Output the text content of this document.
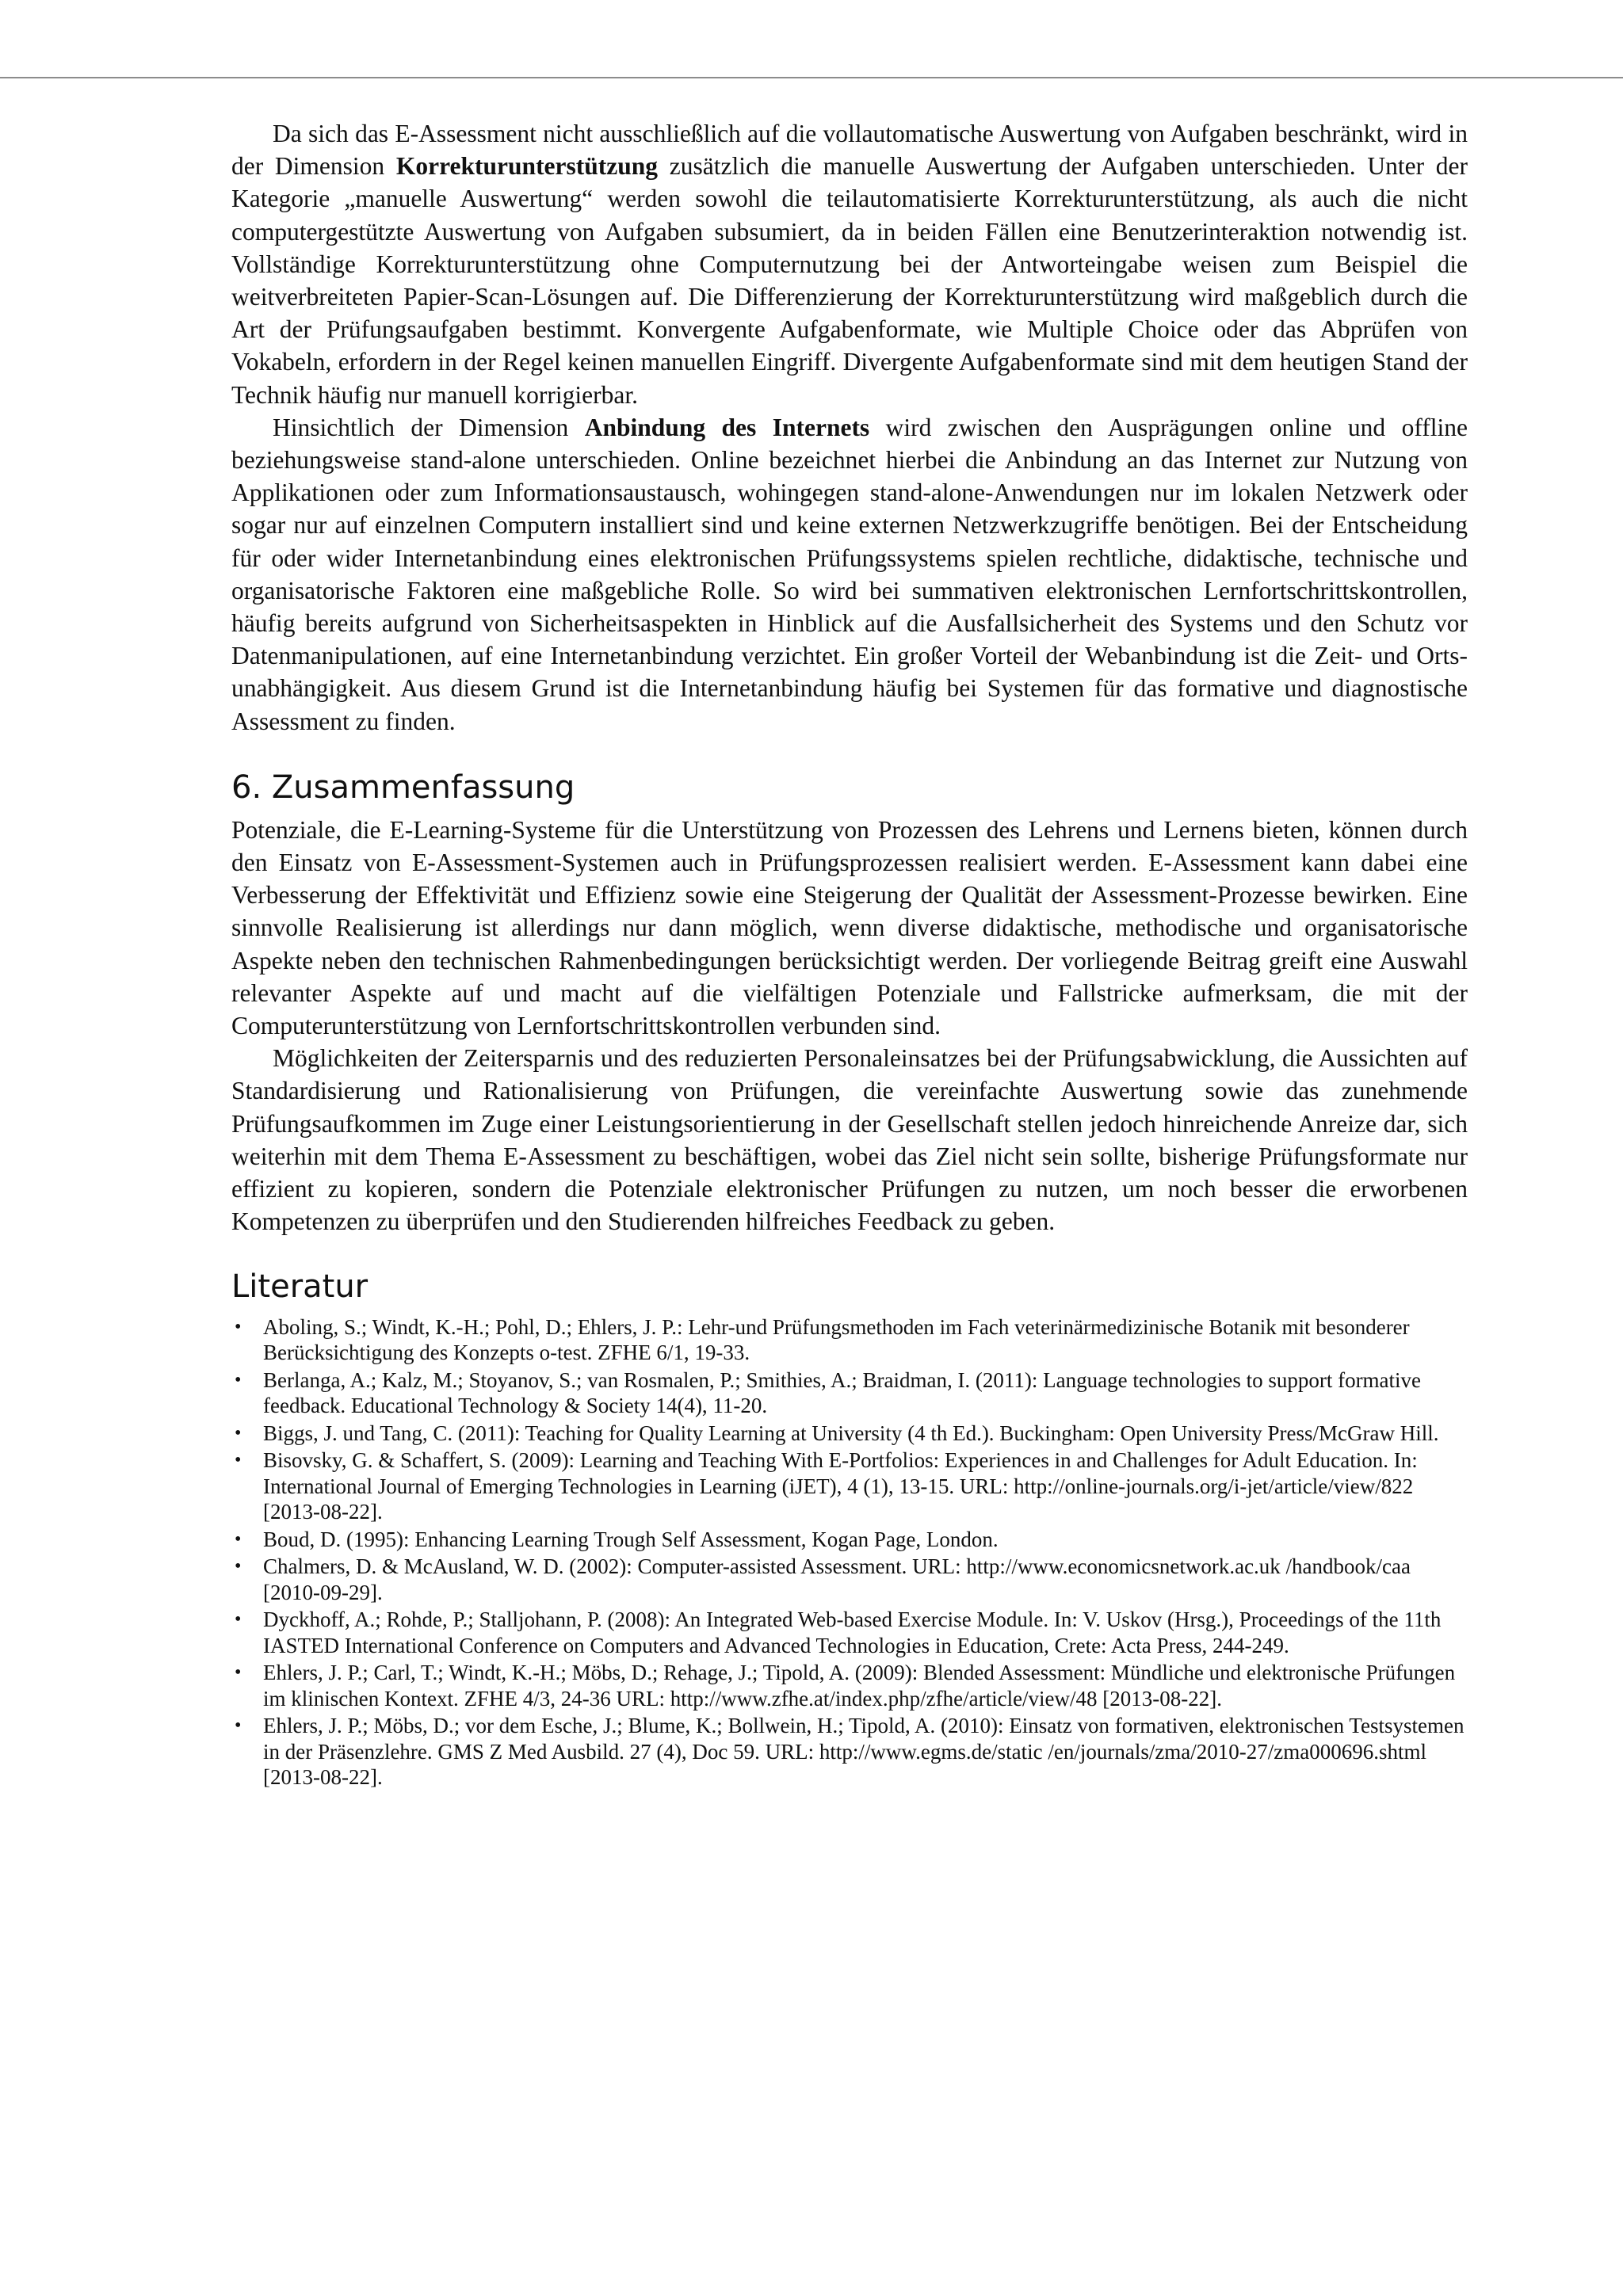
Da sich das E-Assessment nicht ausschließlich auf die vollautomatische Auswertung von Aufgaben beschränkt, wird in der Dimension Korrekturunterstützung zusätzlich die manuelle Auswertung der Aufgaben unterschieden. Unter der Kategorie „manuelle Auswertung“ werden sowohl die teilautomatisierte Korrekturunterstützung, als auch die nicht computergestützte Auswertung von Aufgaben subsumiert, da in beiden Fällen eine Benutzerinteraktion notwendig ist. Vollständige Korrekturunterstützung ohne Computernutzung bei der Antworteingabe weisen zum Beispiel die weitverbreiteten Papier-Scan-Lösungen auf. Die Differenzierung der Korrekturunterstützung wird maßgeblich durch die Art der Prüfungsaufgaben bestimmt. Konvergente Aufgabenformate, wie Multiple Choice oder das Abprüfen von Vokabeln, erfordern in der Regel keinen manuellen Eingriff. Divergente Aufgabenformate sind mit dem heutigen Stand der Technik häufig nur manuell korrigierbar.

Hinsichtlich der Dimension Anbindung des Internets wird zwischen den Ausprägungen online und offline beziehungsweise stand-alone unterschieden. Online bezeichnet hierbei die Anbindung an das Internet zur Nutzung von Applikationen oder zum Informationsaustausch, wohingegen stand-alone-Anwendungen nur im lokalen Netzwerk oder sogar nur auf einzelnen Computern installiert sind und keine externen Netzwerkzugriffe benötigen. Bei der Entscheidung für oder wider Internetanbindung eines elektronischen Prüfungssystems spielen rechtliche, didaktische, technische und organisatorische Faktoren eine maßgebliche Rolle. So wird bei summativen elektronischen Lernfortschrittskontrollen, häufig bereits aufgrund von Sicherheitsaspekten in Hinblick auf die Ausfallsicherheit des Systems und den Schutz vor Datenmanipulationen, auf eine Internetanbindung verzichtet. Ein großer Vorteil der Webanbindung ist die Zeit- und Ortsunabhängigkeit. Aus diesem Grund ist die Internetanbindung häufig bei Systemen für das formative und diagnostische Assessment zu finden.

6. Zusammenfassung

Potenziale, die E-Learning-Systeme für die Unterstützung von Prozessen des Lehrens und Lernens bieten, können durch den Einsatz von E-Assessment-Systemen auch in Prüfungsprozessen realisiert werden. E-Assessment kann dabei eine Verbesserung der Effektivität und Effizienz sowie eine Steigerung der Qualität der Assessment-Prozesse bewirken. Eine sinnvolle Realisierung ist allerdings nur dann möglich, wenn diverse didaktische, methodische und organisatorische Aspekte neben den technischen Rahmenbedingungen berücksichtigt werden. Der vorliegende Beitrag greift eine Auswahl relevanter Aspekte auf und macht auf die vielfältigen Potenziale und Fallstricke aufmerksam, die mit der Computerunterstützung von Lernfortschrittskontrollen verbunden sind.

Möglichkeiten der Zeitersparnis und des reduzierten Personaleinsatzes bei der Prüfungsabwicklung, die Aussichten auf Standardisierung und Rationalisierung von Prüfungen, die vereinfachte Auswertung sowie das zunehmende Prüfungsaufkommen im Zuge einer Leistungsorientierung in der Gesellschaft stellen jedoch hinreichende Anreize dar, sich weiterhin mit dem Thema E-Assessment zu beschäftigen, wobei das Ziel nicht sein sollte, bisherige Prüfungsformate nur effizient zu kopieren, sondern die Potenziale elektronischer Prüfungen zu nutzen, um noch besser die erworbenen Kompetenzen zu überprüfen und den Studierenden hilfreiches Feedback zu geben.

Literatur
• Aboling, S.; Windt, K.-H.; Pohl, D.; Ehlers, J. P.: Lehr-und Prüfungsmethoden im Fach veterinärmedizinische Botanik mit besonderer Berücksichtigung des Konzepts o-test. ZFHE 6/1, 19-33.
• Berlanga, A.; Kalz, M.; Stoyanov, S.; van Rosmalen, P.; Smithies, A.; Braidman, I. (2011): Language technologies to support formative feedback. Educational Technology & Society 14(4), 11-20.
• Biggs, J. und Tang, C. (2011): Teaching for Quality Learning at University (4 th Ed.). Buckingham: Open University Press/McGraw Hill.
• Bisovsky, G. & Schaffert, S. (2009): Learning and Teaching With E-Portfolios: Experiences in and Challenges for Adult Education. In: International Journal of Emerging Technologies in Learning (iJET), 4 (1), 13-15. URL: http://online-journals.org/i-jet/article/view/822 [2013-08-22].
• Boud, D. (1995): Enhancing Learning Trough Self Assessment, Kogan Page, London.
• Chalmers, D. & McAusland, W. D. (2002): Computer-assisted Assessment. URL: http://www.economicsnetwork.ac.uk /handbook/caa [2010-09-29].
• Dyckhoff, A.; Rohde, P.; Stalljohann, P. (2008): An Integrated Web-based Exercise Module. In: V. Uskov (Hrsg.), Proceedings of the 11th IASTED International Conference on Computers and Advanced Technologies in Education, Crete: Acta Press, 244-249.
• Ehlers, J. P.; Carl, T.; Windt, K.-H.; Möbs, D.; Rehage, J.; Tipold, A. (2009): Blended Assessment: Mündliche und elektronische Prüfungen im klinischen Kontext. ZFHE 4/3, 24-36 URL: http://www.zfhe.at/index.php/zfhe/article/view/48 [2013-08-22].
• Ehlers, J. P.; Möbs, D.; vor dem Esche, J.; Blume, K.; Bollwein, H.; Tipold, A. (2010): Einsatz von formativen, elektronischen Testsystemen in der Präsenzlehre. GMS Z Med Ausbild. 27 (4), Doc 59. URL: http://www.egms.de/static /en/journals/zma/2010-27/zma000696.shtml [2013-08-22].
